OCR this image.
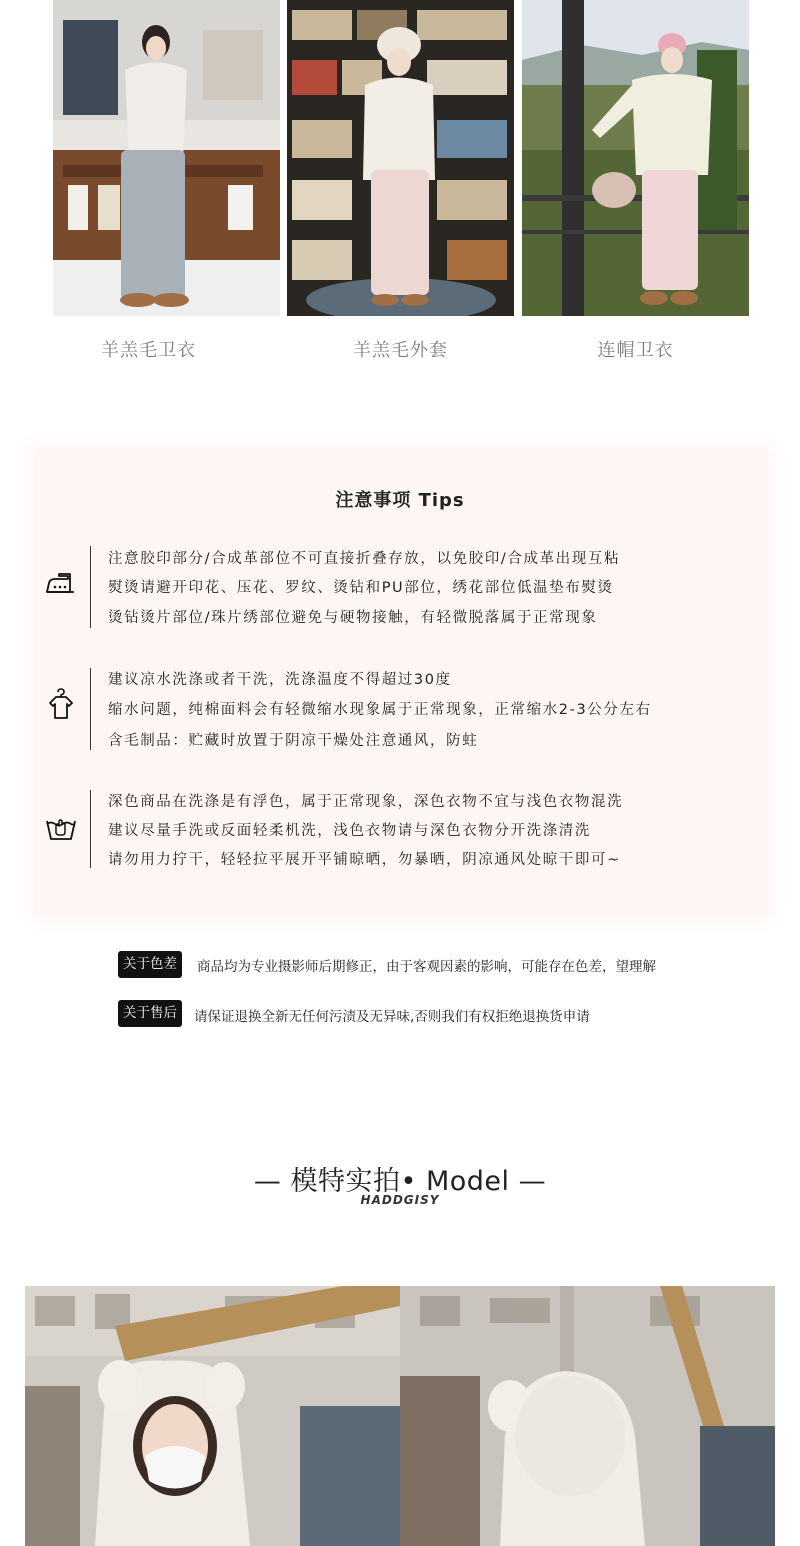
羊羔毛卫衣	羊羔毛外套	连帽卫衣
注意事项 Tips
注意胶印部分/合成革部位不可直接折叠存放，以免胶印/合成革出现互粘
熨烫请避开印花、压花、罗纹、烫钻和PU部位，绣花部位低温垫布熨烫
烫钻烫片部位/珠片绣部位避免与硬物接触，有轻微脱落属于正常现象
建议凉水洗涤或者干洗，洗涤温度不得超过30度
缩水问题，纯棉面料会有轻微缩水现象属于正常现象，正常缩水2-3公分左右
含毛制品：贮藏时放置于阴凉干燥处注意通风，防蛀
深色商品在洗涤是有浮色，属于正常现象，深色衣物不宜与浅色衣物混洗
建议尽量手洗或反面轻柔机洗，浅色衣物请与深色衣物分开洗涤清洗
请勿用力拧干，轻轻拉平展开平铺晾晒，勿暴晒，阴凉通风处晾干即可~
关于色差	商品均为专业摄影师后期修正，由于客观因素的影响，可能存在色差，望理解
关于售后	请保证退换全新无任何污渍及无异味,否则我们有权拒绝退换货申请
— 模特实拍• Model —
HADDGISY
